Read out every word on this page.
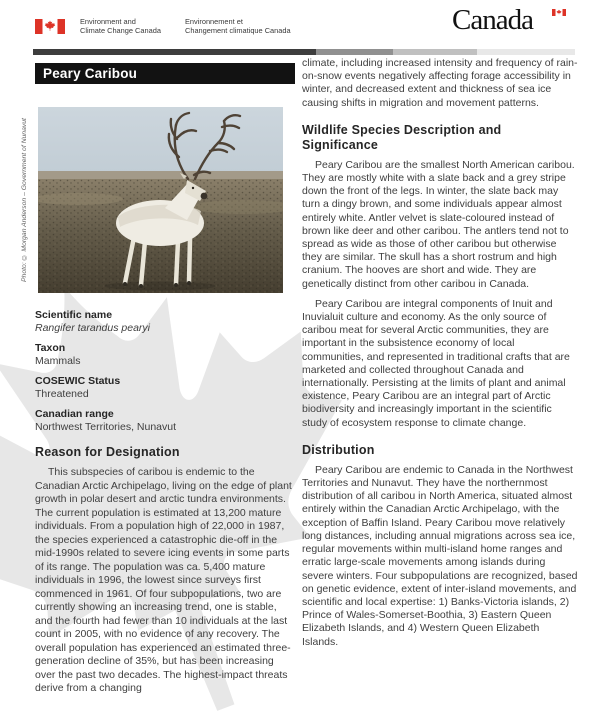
Environment and
Climate Change Canada
Environnement et
Changement climatique Canada	Canada
Peary Caribou
Photo: © Morgan Anderson – Government of Nunavut
Scientific name
Rangifer tarandus pearyi
Taxon
Mammals
COSEWIC Status
Threatened
Canadian range
Northwest Territories, Nunavut
Reason for Designation

This subspecies of caribou is endemic to the Canadian Arctic Archipelago, living on the edge of plant growth in polar desert and arctic tundra environments. The current population is estimated at 13,200 mature individuals. From a population high of 22,000 in 1987, the species experienced a catastrophic die-off in the mid-1990s related to severe icing events in some parts of its range. The population was ca. 5,400 mature individuals in 1996, the lowest since surveys first commenced in 1961. Of four subpopulations, two are currently showing an increasing trend, one is stable, and the fourth had fewer than 10 individuals at the last count in 2005, with no evidence of any recovery. The overall population has experienced an estimated three-generation decline of 35%, but has been increasing over the past two decades. The highest-impact threats derive from a changing

climate, including increased intensity and frequency of rain-on-snow events negatively affecting forage accessibility in winter, and decreased extent and thickness of sea ice causing shifts in migration and movement patterns.

Wildlife Species Description and Significance

Peary Caribou are the smallest North American caribou. They are mostly white with a slate back and a grey stripe down the front of the legs. In winter, the slate back may turn a dingy brown, and some individuals appear almost entirely white. Antler velvet is slate-coloured instead of brown like deer and other caribou. The antlers tend not to spread as wide as those of other caribou but otherwise they are similar. The skull has a short rostrum and high cranium. The hooves are short and wide. They are genetically distinct from other caribou in Canada.

Peary Caribou are integral components of Inuit and Inuvialuit culture and economy. As the only source of caribou meat for several Arctic communities, they are important in the subsistence economy of local communities, and represented in traditional crafts that are marketed and collected throughout Canada and internationally. Persisting at the limits of plant and animal existence, Peary Caribou are an integral part of Arctic biodiversity and increasingly important in the scientific study of ecosystem response to climate change.

Distribution

Peary Caribou are endemic to Canada in the Northwest Territories and Nunavut. They have the northernmost distribution of all caribou in North America, situated almost entirely within the Canadian Arctic Archipelago, with the exception of Baffin Island. Peary Caribou move relatively long distances, including annual migrations across sea ice, regular movements within multi-island home ranges and erratic large-scale movements among islands during severe winters. Four subpopulations are recognized, based on genetic evidence, extent of inter-island movements, and scientific and local expertise: 1) Banks-Victoria islands, 2) Prince of Wales-Somerset-Boothia, 3) Eastern Queen Elizabeth Islands, and 4) Western Queen Elizabeth Islands.
